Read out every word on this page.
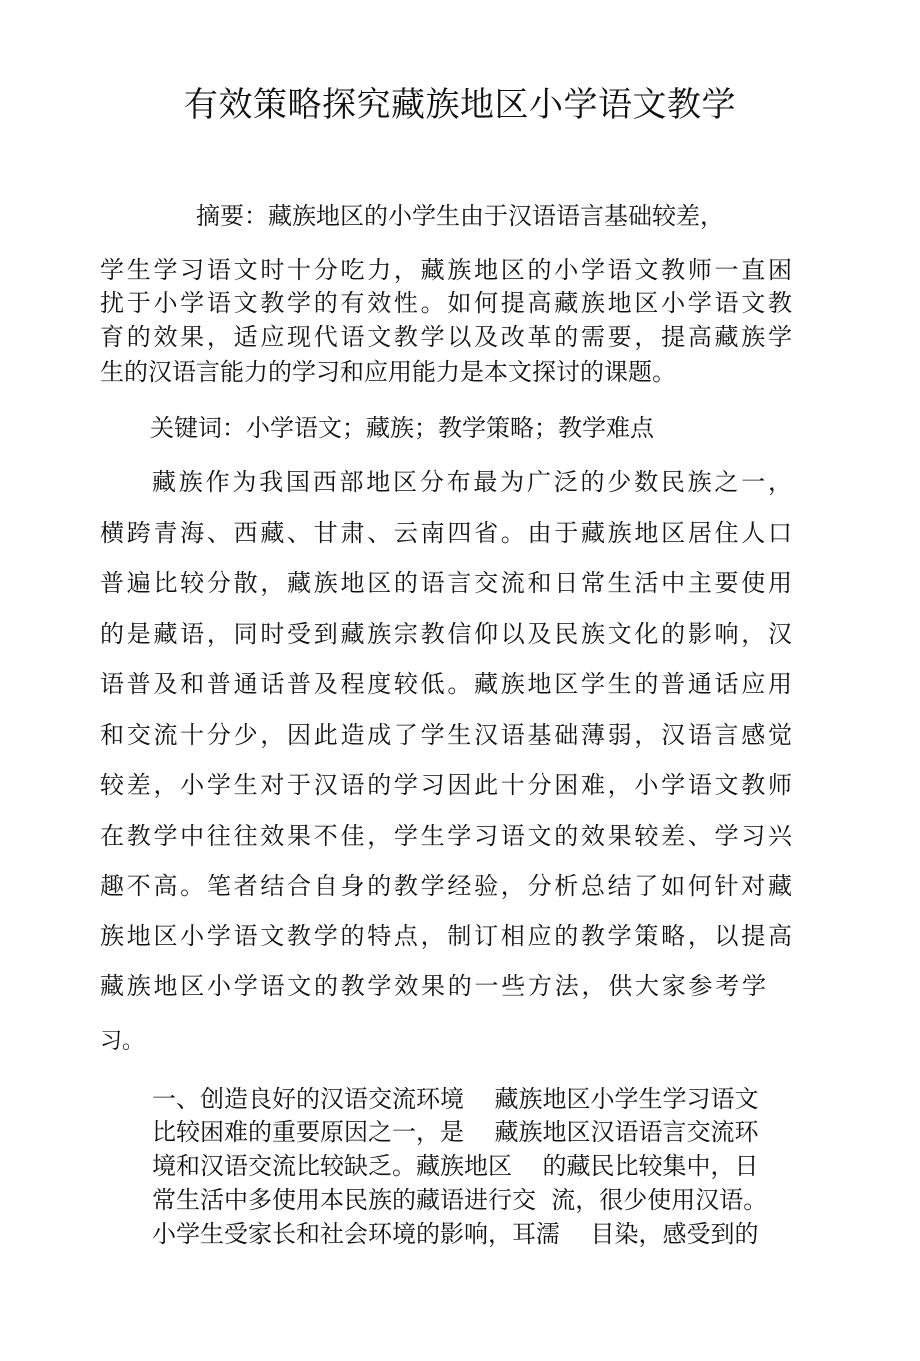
有效策略探究藏族地区小学语文教学
摘要：藏族地区的小学生由于汉语语言基础较差，
学生学习语文时十分吃力，藏族地区的小学语文教师一直困
扰于小学语文教学的有效性。如何提高藏族地区小学语文教
育的效果，适应现代语文教学以及改革的需要，提高藏族学
生的汉语言能力的学习和应用能力是本文探讨的课题。
关键词：小学语文；藏族；教学策略；教学难点
藏族作为我国西部地区分布最为广泛的少数民族之一，
横跨青海、西藏、甘肃、云南四省。由于藏族地区居住人口
普遍比较分散，藏族地区的语言交流和日常生活中主要使用
的是藏语，同时受到藏族宗教信仰以及民族文化的影响，汉
语普及和普通话普及程度较低。藏族地区学生的普通话应用
和交流十分少，因此造成了学生汉语基础薄弱，汉语言感觉
较差，小学生对于汉语的学习因此十分困难，小学语文教师
在教学中往往效果不佳，学生学习语文的效果较差、学习兴
趣不高。笔者结合自身的教学经验，分析总结了如何针对藏
族地区小学语文教学的特点，制订相应的教学策略，以提高
藏族地区小学语文的教学效果的一些方法，供大家参考学
习。
一、创造良好的汉语交流环境    藏族地区小学生学习语文
比较困难的重要原因之一，是    藏族地区汉语语言交流环
境和汉语交流比较缺乏。藏族地区    的藏民比较集中，日
常生活中多使用本民族的藏语进行交  流，很少使用汉语。
小学生受家长和社会环境的影响，耳濡    目染，感受到的
